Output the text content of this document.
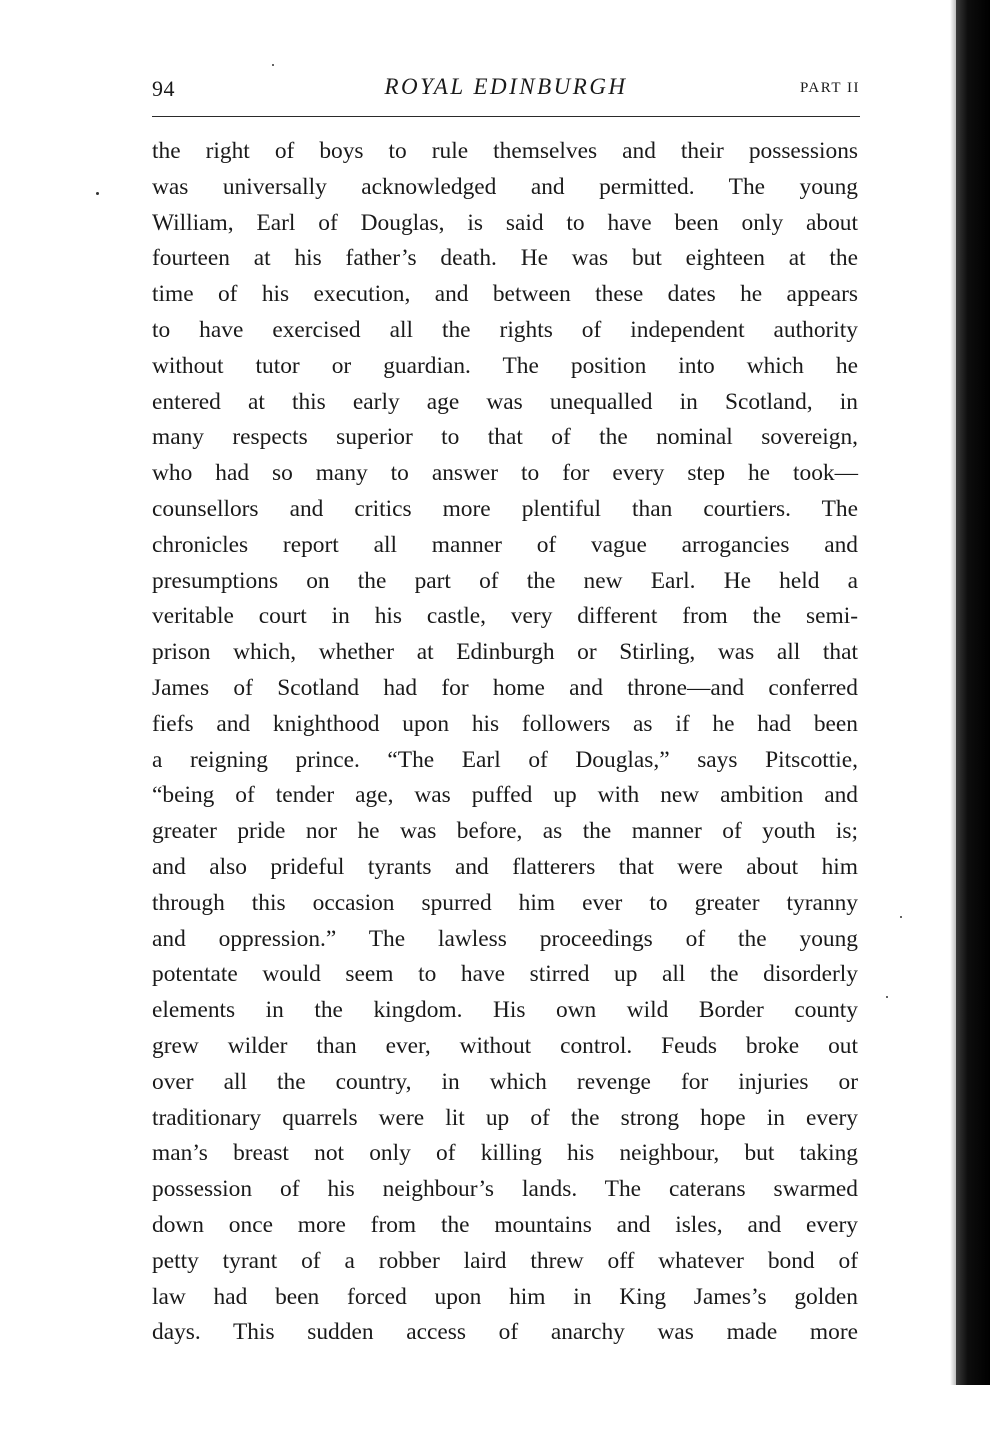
94	ROYAL EDINBURGH	PART II
the right of boys to rule themselves and their possessions
was universally acknowledged and permitted. The young
William, Earl of Douglas, is said to have been only about
fourteen at his father’s death. He was but eighteen at the
time of his execution, and between these dates he appears
to have exercised all the rights of independent authority
without tutor or guardian. The position into which he
entered at this early age was unequalled in Scotland, in
many respects superior to that of the nominal sovereign,
who had so many to answer to for every step he took—
counsellors and critics more plentiful than courtiers. The
chronicles report all manner of vague arrogancies and
presumptions on the part of the new Earl. He held a
veritable court in his castle, very different from the semi-
prison which, whether at Edinburgh or Stirling, was all that
James of Scotland had for home and throne—and conferred
fiefs and knighthood upon his followers as if he had been
a reigning prince. “The Earl of Douglas,” says Pitscottie,
“being of tender age, was puffed up with new ambition and
greater pride nor he was before, as the manner of youth is;
and also prideful tyrants and flatterers that were about him
through this occasion spurred him ever to greater tyranny
and oppression.” The lawless proceedings of the young
potentate would seem to have stirred up all the disorderly
elements in the kingdom. His own wild Border county
grew wilder than ever, without control. Feuds broke out
over all the country, in which revenge for injuries or
traditionary quarrels were lit up of the strong hope in every
man’s breast not only of killing his neighbour, but taking
possession of his neighbour’s lands. The caterans swarmed
down once more from the mountains and isles, and every
petty tyrant of a robber laird threw off whatever bond of
law had been forced upon him in King James’s golden
days. This sudden access of anarchy was made more
